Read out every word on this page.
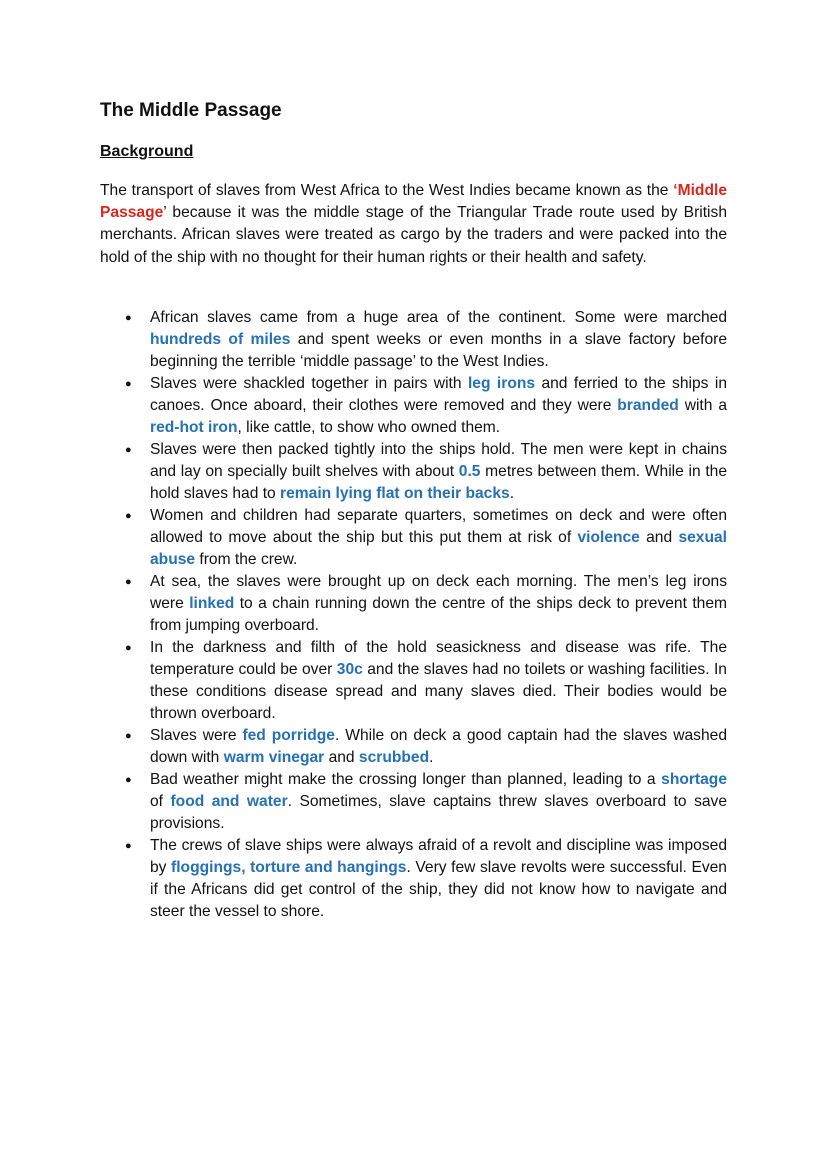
The Middle Passage
Background

The transport of slaves from West Africa to the West Indies became known as the ‘Middle Passage’ because it was the middle stage of the Triangular Trade route used by British merchants. African slaves were treated as cargo by the traders and were packed into the hold of the ship with no thought for their human rights or their health and safety.

● African slaves came from a huge area of the continent. Some were marched hundreds of miles and spent weeks or even months in a slave factory before beginning the terrible ‘middle passage’ to the West Indies.
● Slaves were shackled together in pairs with leg irons and ferried to the ships in canoes. Once aboard, their clothes were removed and they were branded with a red-hot iron, like cattle, to show who owned them.
● Slaves were then packed tightly into the ships hold. The men were kept in chains and lay on specially built shelves with about 0.5 metres between them. While in the hold slaves had to remain lying flat on their backs.
● Women and children had separate quarters, sometimes on deck and were often allowed to move about the ship but this put them at risk of violence and sexual abuse from the crew.
● At sea, the slaves were brought up on deck each morning. The men’s leg irons were linked to a chain running down the centre of the ships deck to prevent them from jumping overboard.
● In the darkness and filth of the hold seasickness and disease was rife. The temperature could be over 30c and the slaves had no toilets or washing facilities. In these conditions disease spread and many slaves died. Their bodies would be thrown overboard.
● Slaves were fed porridge. While on deck a good captain had the slaves washed down with warm vinegar and scrubbed.
● Bad weather might make the crossing longer than planned, leading to a shortage of food and water. Sometimes, slave captains threw slaves overboard to save provisions.
● The crews of slave ships were always afraid of a revolt and discipline was imposed by floggings, torture and hangings. Very few slave revolts were successful. Even if the Africans did get control of the ship, they did not know how to navigate and steer the vessel to shore.
